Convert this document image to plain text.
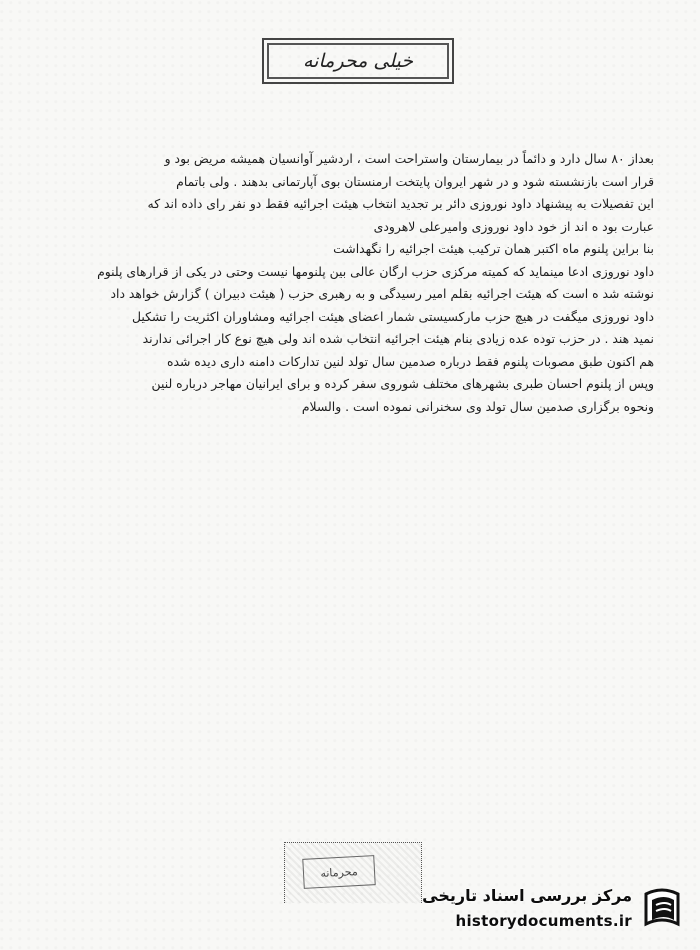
خیلی محرمانه
بعداز ۸۰ سال دارد و دائماً در بیمارستان واستراحت است ، اردشیر آوانسیان همیشه مریض بود و
قرار است بازنشسته شود و در شهر ایروان پایتخت ارمنستان بوی آپارتمانی بدهند . ولی باتمام
این تفصیلات به پیشنهاد داود نوروزی دائر بر تجدید انتخاب هیئت اجرائیه فقط دو نفر رای داده اند که
عبارت بود ه اند از خود داود نوروزی وامیرعلی لاهرودی
بنا براین پلنوم ماه اکتبر همان ترکیب هیئت اجرائیه را نگهداشت
داود نوروزی ادعا مینماید که کمیته مرکزی حزب ارگان عالی بین پلنومها نیست وحتی در یکی از قرارهای پلنوم
نوشته شد ه است که هیئت اجرائیه بقلم امیر رسیدگی و به رهبری حزب ( هیئت دبیران ) گزارش خواهد داد
داود نوروزی میگفت در هیچ حزب مارکسیستی شمار اعضای هیئت اجرائیه ومشاوران اکثریت را تشکیل
نمید هند . در حزب توده عده زیادی بنام هیئت اجرائیه انتخاب شده اند ولی هیچ نوع کار اجرائی ندارند
هم اکنون طبق مصوبات پلنوم فقط درباره صدمین سال تولد لنین تدارکات دامنه داری دیده شده
وپس از پلنوم احسان طبری بشهرهای مختلف شوروی سفر کرده و برای ایرانیان مهاجر درباره لنین
ونحوه برگزاری صدمین سال تولد وی سخنرانی نموده است . والسلام
محرمانه
مرکز بررسی اسناد تاریخی
historydocuments.ir
